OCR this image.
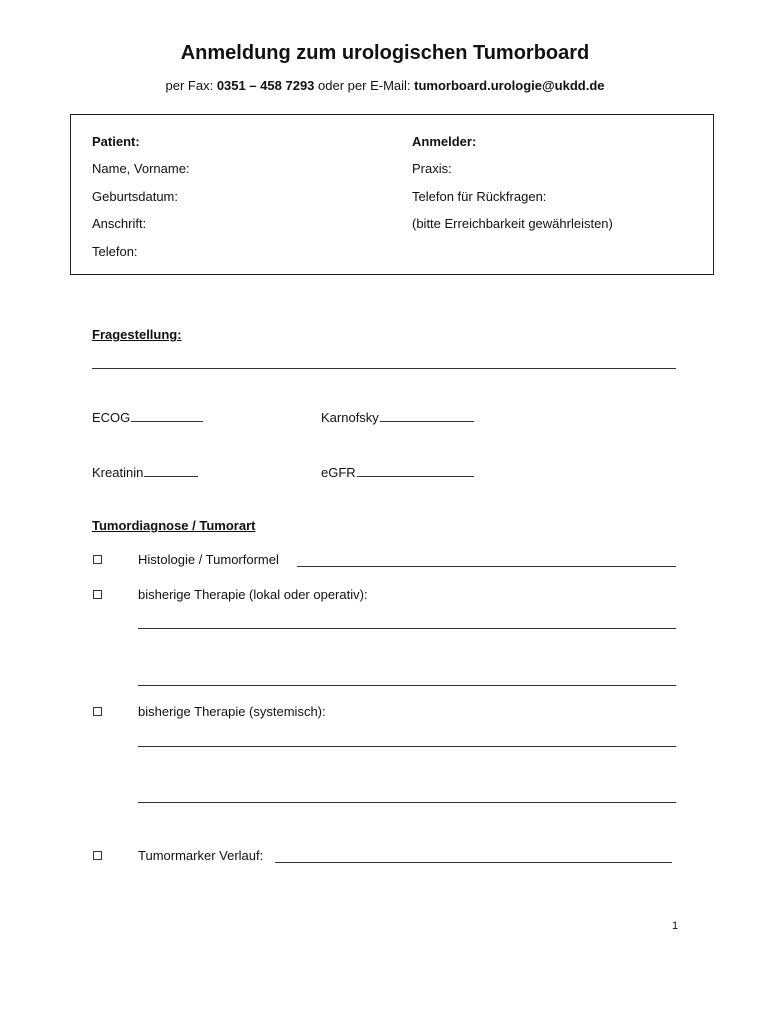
Anmeldung zum urologischen Tumorboard
per Fax: 0351 – 458 7293 oder per E-Mail: tumorboard.urologie@ukdd.de
Patient:
Name, Vorname:
Geburtsdatum:
Anschrift:
Telefon:
Anmelder:
Praxis:
Telefon für Rückfragen:
(bitte Erreichbarkeit gewährleisten)
Fragestellung:
ECOG	Karnofsky
Kreatinin	eGFR
Tumordiagnose / Tumorart
Histologie / Tumorformel
bisherige Therapie (lokal oder operativ):
bisherige Therapie (systemisch):
Tumormarker Verlauf:
1
